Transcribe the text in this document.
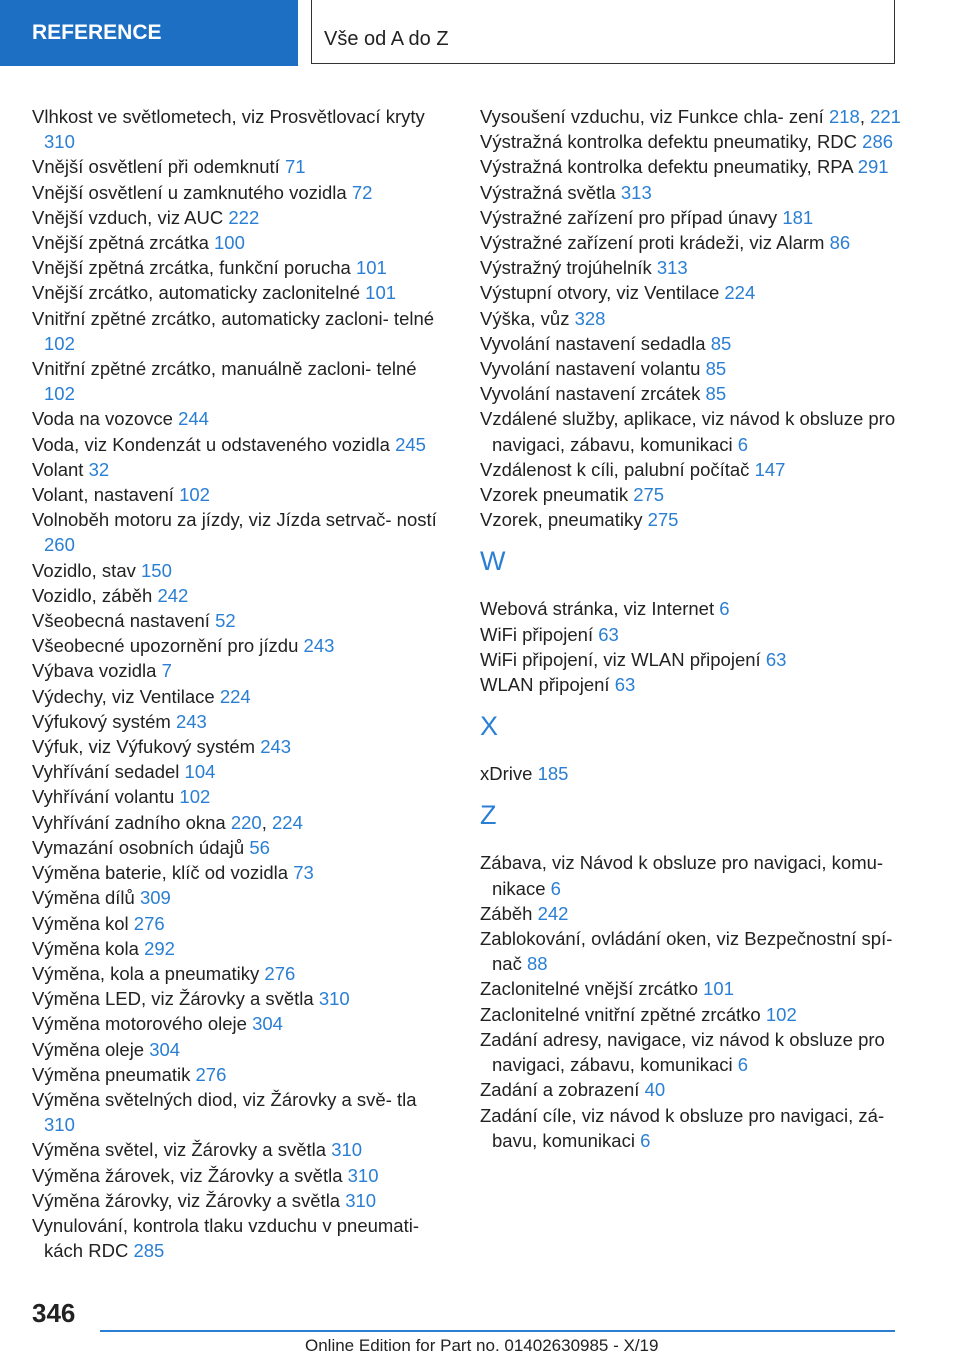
REFERENCE	Vše od A do Z
Vlhkost ve světlometech, viz Prosvětlovací kryty 310
Vnější osvětlení při odemknutí 71
Vnější osvětlení u zamknutého vozidla 72
Vnější vzduch, viz AUC 222
Vnější zpětná zrcátka 100
Vnější zpětná zrcátka, funkční porucha 101
Vnější zrcátko, automaticky zaclonitelné 101
Vnitřní zpětné zrcátko, automaticky zacloni‐ telné 102
Vnitřní zpětné zrcátko, manuálně zacloni‐ telné 102
Voda na vozovce 244
Voda, viz Kondenzát u odstaveného vozidla 245
Volant 32
Volant, nastavení 102
Volnoběh motoru za jízdy, viz Jízda setrvač‐ ností 260
Vozidlo, stav 150
Vozidlo, záběh 242
Všeobecná nastavení 52
Všeobecné upozornění pro jízdu 243
Výbava vozidla 7
Výdechy, viz Ventilace 224
Výfukový systém 243
Výfuk, viz Výfukový systém 243
Vyhřívání sedadel 104
Vyhřívání volantu 102
Vyhřívání zadního okna 220, 224
Vymazání osobních údajů 56
Výměna baterie, klíč od vozidla 73
Výměna dílů 309
Výměna kol 276
Výměna kola 292
Výměna, kola a pneumatiky 276
Výměna LED, viz Žárovky a světla 310
Výměna motorového oleje 304
Výměna oleje 304
Výměna pneumatik 276
Výměna světelných diod, viz Žárovky a svě‐ tla 310
Výměna světel, viz Žárovky a světla 310
Výměna žárovek, viz Žárovky a světla 310
Výměna žárovky, viz Žárovky a světla 310
Vynulování, kontrola tlaku vzduchu v pneumati‐ kách RDC 285
Vysoušení vzduchu, viz Funkce chla‐ zení 218, 221
Výstražná kontrolka defektu pneumatiky, RDC 286
Výstražná kontrolka defektu pneumatiky, RPA 291
Výstražná světla 313
Výstražné zařízení pro případ únavy 181
Výstražné zařízení proti krádeži, viz Alarm 86
Výstražný trojúhelník 313
Výstupní otvory, viz Ventilace 224
Výška, vůz 328
Vyvolání nastavení sedadla 85
Vyvolání nastavení volantu 85
Vyvolání nastavení zrcátek 85
Vzdálené služby, aplikace, viz návod k obsluze pro navigaci, zábavu, komunikaci 6
Vzdálenost k cíli, palubní počítač 147
Vzorek pneumatik 275
Vzorek, pneumatiky 275
W
Webová stránka, viz Internet 6
WiFi připojení 63
WiFi připojení, viz WLAN připojení 63
WLAN připojení 63
X
xDrive 185
Z
Zábava, viz Návod k obsluze pro navigaci, komu‐ nikace 6
Záběh 242
Zablokování, ovládání oken, viz Bezpečnostní spí‐ nač 88
Zaclonitelné vnější zrcátko 101
Zaclonitelné vnitřní zpětné zrcátko 102
Zadání adresy, navigace, viz návod k obsluze pro navigaci, zábavu, komunikaci 6
Zadání a zobrazení 40
Zadání cíle, viz návod k obsluze pro navigaci, zá‐ bavu, komunikaci 6
346
Online Edition for Part no. 01402630985 - X/19
